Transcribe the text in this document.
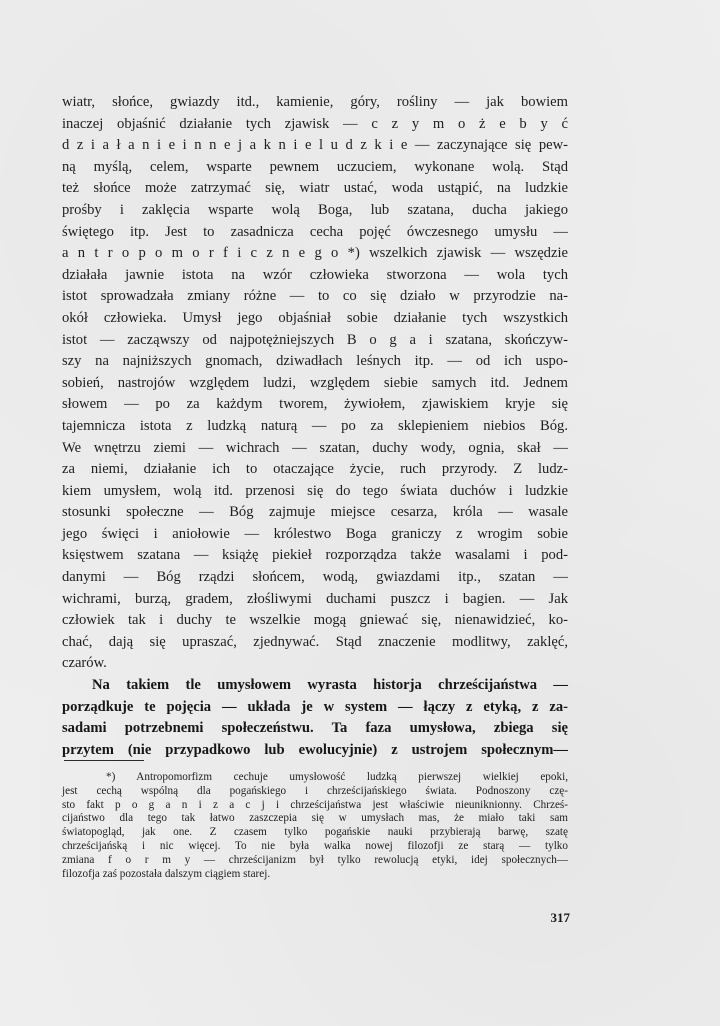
wiatr, słońce, gwiazdy itd., kamienie, góry, rośliny — jak bowiem
inaczej objaśnić działanie tych zjawisk — c z y m o ż e b y ć
d z i a ł a n i e i n n e j a k n i e l u d z k i e — zaczynające się pew-
ną myślą, celem, wsparte pewnem uczuciem, wykonane wolą. Stąd
też słońce może zatrzymać się, wiatr ustać, woda ustąpić, na ludzkie
prośby i zaklęcia wsparte wolą Boga, lub szatana, ducha jakiego
świętego itp. Jest to zasadnicza cecha pojęć ówczesnego umysłu —
a n t r o p o m o r f i c z n e g o *) wszelkich zjawisk — wszędzie
działała jawnie istota na wzór człowieka stworzona — wola tych
istot sprowadzała zmiany różne — to co się działo w przyrodzie na-
okół człowieka. Umysł jego objaśniał sobie działanie tych wszystkich
istot — zacząwszy od najpotężniejszych B o g a i szatana, skończyw-
szy na najniższych gnomach, dziwadłach leśnych itp. — od ich uspo-
sobień, nastrojów względem ludzi, względem siebie samych itd. Jednem
słowem — po za każdym tworem, żywiołem, zjawiskiem kryje się
tajemnicza istota z ludzką naturą — po za sklepieniem niebios Bóg.
We wnętrzu ziemi — wichrach — szatan, duchy wody, ognia, skał —
za niemi, działanie ich to otaczające życie, ruch przyrody. Z ludz-
kiem umysłem, wolą itd. przenosi się do tego świata duchów i ludzkie
stosunki społeczne — Bóg zajmuje miejsce cesarza, króla — wasale
jego święci i aniołowie — królestwo Boga graniczy z wrogim sobie
księstwem szatana — książę piekieł rozporządza także wasalami i pod-
danymi — Bóg rządzi słońcem, wodą, gwiazdami itp., szatan —
wichrami, burzą, gradem, złośliwymi duchami puszcz i bagien. — Jak
człowiek tak i duchy te wszelkie mogą gniewać się, nienawidzieć, ko-
chać, dają się upraszać, zjednywać. Stąd znaczenie modlitwy, zaklęć,
czarów.
Na takiem tle umysłowem wyrasta historja chrześcijaństwa —
porządkuje te pojęcia — układa je w system — łączy z etyką, z za-
sadami potrzebnemi społeczeństwu. Ta faza umysłowa, zbiega się
przytem (nie przypadkowo lub ewolucyjnie) z ustrojem społecznym—
*) Antropomorfizm cechuje umysłowość ludzką pierwszej wielkiej epoki,
jest cechą wspólną dla pogańskiego i chrześcijańskiego świata. Podnoszony czę-
sto fakt p o g a n i z a c j i chrześcijaństwa jest właściwie nieuniknionny. Chrześ-
cijaństwo dla tego tak łatwo zaszczepia się w umysłach mas, że miało taki sam
światopogląd, jak one. Z czasem tylko pogańskie nauki przybierają barwę, szatę
chrześcijańską i nic więcej. To nie była walka nowej filozofji ze starą — tylko
zmiana f o r m y — chrześcijanizm był tylko rewolucją etyki, idej społecznych—
filozofja zaś pozostała dalszym ciągiem starej.
317
